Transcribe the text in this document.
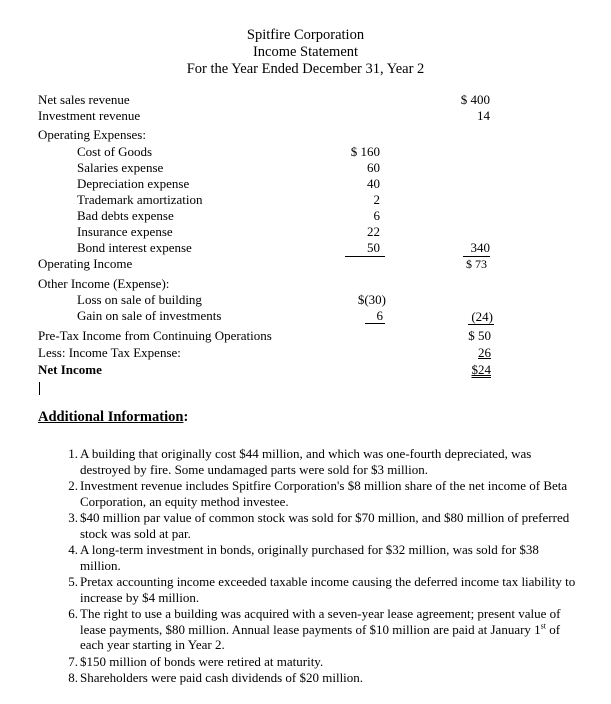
Spitfire Corporation
Income Statement
For the Year Ended December 31, Year 2
Net sales revenue	$ 400
Investment revenue	14
Operating Expenses:
Cost of Goods	$ 160
Salaries expense	60
Depreciation expense	40
Trademark amortization	2
Bad debts expense	6
Insurance expense	22
Bond interest expense	50	340
Operating Income	$ 73
Other Income (Expense):
Loss on sale of building	$(30)
Gain on sale of investments	6	(24)
Pre-Tax Income from Continuing Operations	$ 50
Less: Income Tax Expense:	26
Net Income	$24
Additional Information:
1. A building that originally cost $44 million, and which was one-fourth depreciated, was destroyed by fire. Some undamaged parts were sold for $3 million.
2. Investment revenue includes Spitfire Corporation's $8 million share of the net income of Beta Corporation, an equity method investee.
3. $40 million par value of common stock was sold for $70 million, and $80 million of preferred stock was sold at par.
4. A long-term investment in bonds, originally purchased for $32 million, was sold for $38 million.
5. Pretax accounting income exceeded taxable income causing the deferred income tax liability to increase by $4 million.
6. The right to use a building was acquired with a seven-year lease agreement; present value of lease payments, $80 million. Annual lease payments of $10 million are paid at January 1st of each year starting in Year 2.
7. $150 million of bonds were retired at maturity.
8. Shareholders were paid cash dividends of $20 million.
